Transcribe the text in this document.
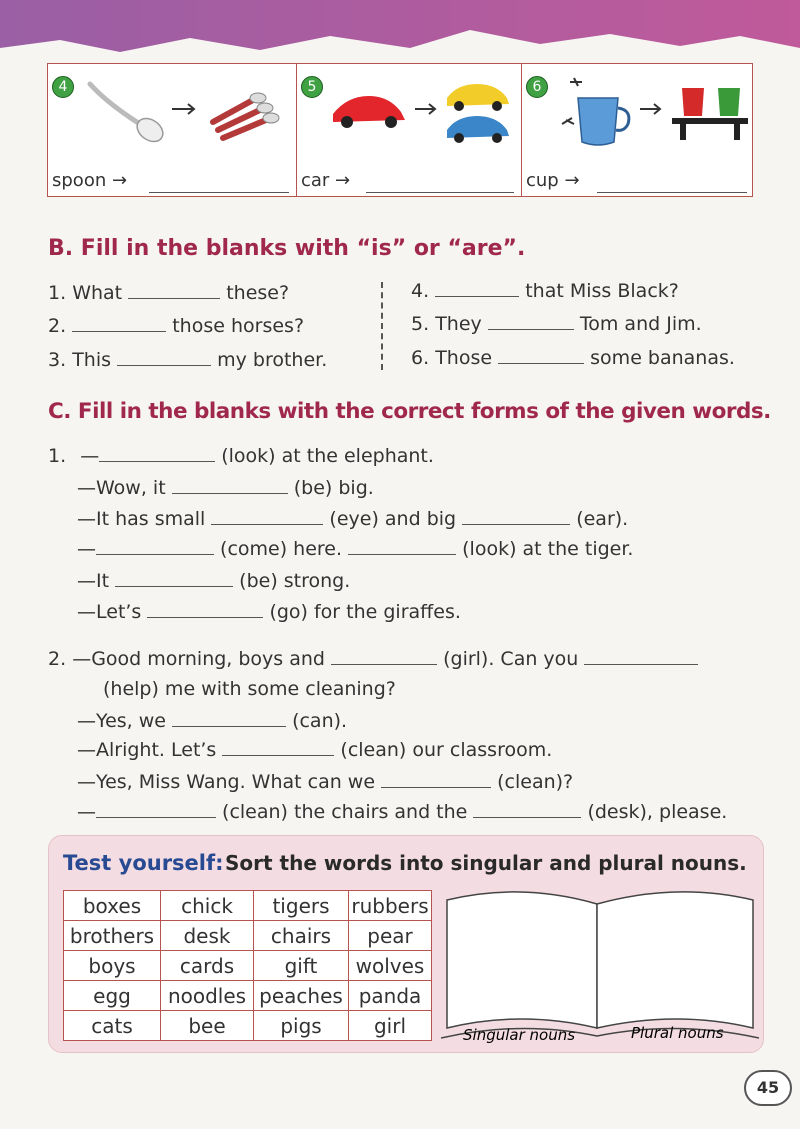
4
spoon →
5
car →
6
cup →
B. Fill in the blanks with “is” or “are”.
1. What	these?
2.	those horses?
3. This	my brother.
4.	that Miss Black?
5. They	Tom and Jim.
6. Those	some bananas.
C. Fill in the blanks with the correct forms of the given words.
1. —	(look) at the elephant.
—Wow, it	(be) big.
—It has small	(eye) and big	(ear).
—	(come) here.	(look) at the tiger.
—It	(be) strong.
—Let’s	(go) for the giraffes.
2. —Good morning, boys and	(girl). Can you
(help) me with some cleaning?
—Yes, we	(can).
—Alright. Let’s	(clean) our classroom.
—Yes, Miss Wang. What can we	(clean)?
—	(clean) the chairs and the	(desk), please.
Test yourself: Sort the words into singular and plural nouns.
boxes	chick	tigers	rubbers
brothers	desk	chairs	pear
boys	cards	gift	wolves
egg	noodles	peaches	panda
cats	bee	pigs	girl	Singular nouns	Plural nouns
45
